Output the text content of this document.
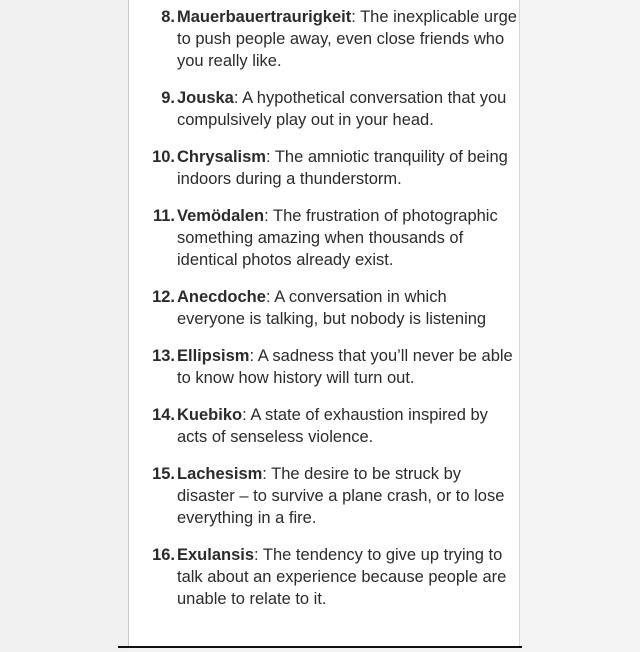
8. Mauerbauertraurigkeit: The inexplicable urge to push people away, even close friends who you really like.
9. Jouska: A hypothetical conversation that you compulsively play out in your head.
10. Chrysalism: The amniotic tranquility of being indoors during a thunderstorm.
11. Vemödalen: The frustration of photographic something amazing when thousands of identical photos already exist.
12. Anecdoche: A conversation in which everyone is talking, but nobody is listening
13. Ellipsism: A sadness that you’ll never be able to know how history will turn out.
14. Kuebiko: A state of exhaustion inspired by acts of senseless violence.
15. Lachesism: The desire to be struck by disaster – to survive a plane crash, or to lose everything in a fire.
16. Exulansis: The tendency to give up trying to talk about an experience because people are unable to relate to it.
